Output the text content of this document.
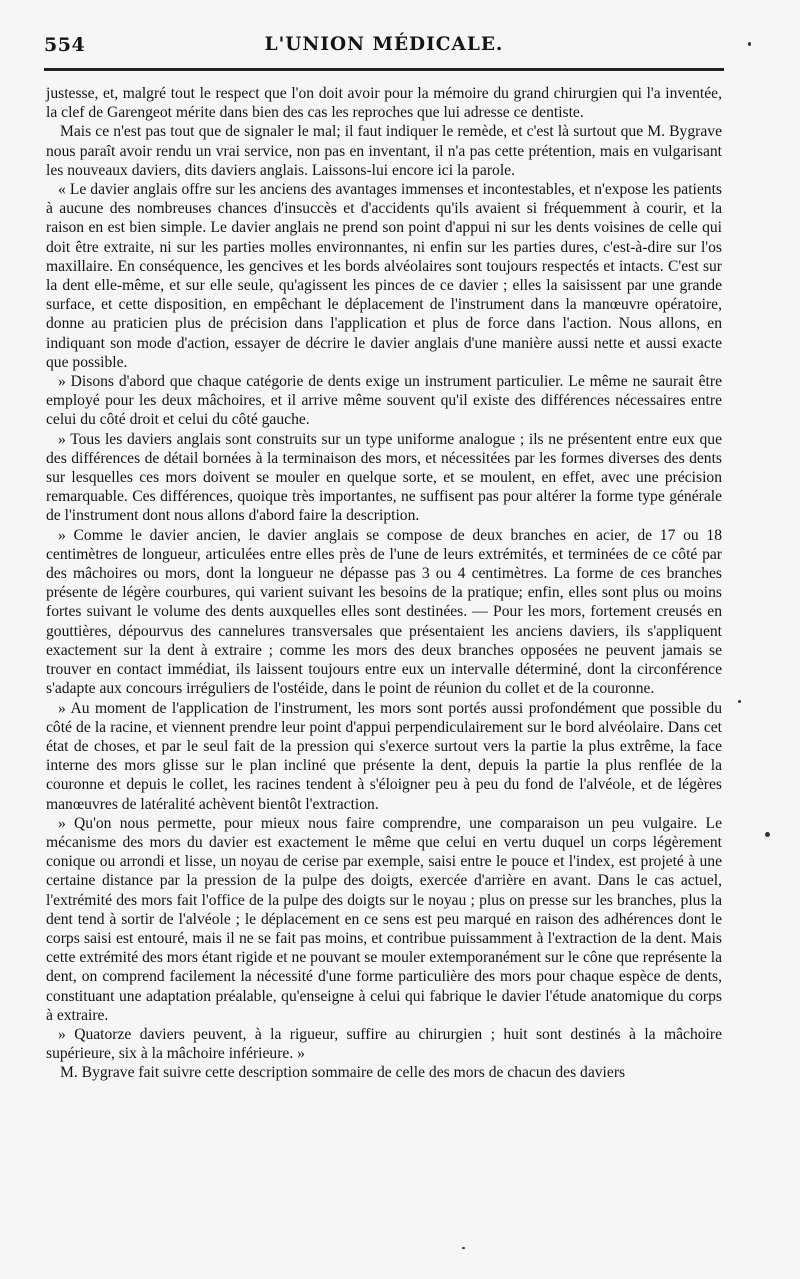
554	L'UNION MÉDICALE.

justesse, et, malgré tout le respect que l'on doit avoir pour la mémoire du grand chirurgien qui l'a inventée, la clef de Garengeot mérite dans bien des cas les reproches que lui adresse ce dentiste.

Mais ce n'est pas tout que de signaler le mal; il faut indiquer le remède, et c'est là surtout que M. Bygrave nous paraît avoir rendu un vrai service, non pas en inventant, il n'a pas cette prétention, mais en vulgarisant les nouveaux daviers, dits daviers anglais. Laissons-lui encore ici la parole.

« Le davier anglais offre sur les anciens des avantages immenses et incontestables, et n'expose les patients à aucune des nombreuses chances d'insuccès et d'accidents qu'ils avaient si fréquemment à courir, et la raison en est bien simple. Le davier anglais ne prend son point d'appui ni sur les dents voisines de celle qui doit être extraite, ni sur les parties molles environnantes, ni enfin sur les parties dures, c'est-à-dire sur l'os maxillaire. En conséquence, les gencives et les bords alvéolaires sont toujours respectés et intacts. C'est sur la dent elle-même, et sur elle seule, qu'agissent les pinces de ce davier ; elles la saisissent par une grande surface, et cette disposition, en empêchant le déplacement de l'instrument dans la manœuvre opératoire, donne au praticien plus de précision dans l'application et plus de force dans l'action. Nous allons, en indiquant son mode d'action, essayer de décrire le davier anglais d'une manière aussi nette et aussi exacte que possible.

» Disons d'abord que chaque catégorie de dents exige un instrument particulier. Le même ne saurait être employé pour les deux mâchoires, et il arrive même souvent qu'il existe des différences nécessaires entre celui du côté droit et celui du côté gauche.

» Tous les daviers anglais sont construits sur un type uniforme analogue ; ils ne présentent entre eux que des différences de détail bornées à la terminaison des mors, et nécessitées par les formes diverses des dents sur lesquelles ces mors doivent se mouler en quelque sorte, et se moulent, en effet, avec une précision remarquable. Ces différences, quoique très importantes, ne suffisent pas pour altérer la forme type générale de l'instrument dont nous allons d'abord faire la description.

» Comme le davier ancien, le davier anglais se compose de deux branches en acier, de 17 ou 18 centimètres de longueur, articulées entre elles près de l'une de leurs extrémités, et terminées de ce côté par des mâchoires ou mors, dont la longueur ne dépasse pas 3 ou 4 centimètres. La forme de ces branches présente de légère courbures, qui varient suivant les besoins de la pratique; enfin, elles sont plus ou moins fortes suivant le volume des dents auxquelles elles sont destinées. — Pour les mors, fortement creusés en gouttières, dépourvus des cannelures transversales que présentaient les anciens daviers, ils s'appliquent exactement sur la dent à extraire ; comme les mors des deux branches opposées ne peuvent jamais se trouver en contact immédiat, ils laissent toujours entre eux un intervalle déterminé, dont la circonférence s'adapte aux concours irréguliers de l'ostéide, dans le point de réunion du collet et de la couronne.

» Au moment de l'application de l'instrument, les mors sont portés aussi profondément que possible du côté de la racine, et viennent prendre leur point d'appui perpendiculairement sur le bord alvéolaire. Dans cet état de choses, et par le seul fait de la pression qui s'exerce surtout vers la partie la plus extrême, la face interne des mors glisse sur le plan incliné que présente la dent, depuis la partie la plus renflée de la couronne et depuis le collet, les racines tendent à s'éloigner peu à peu du fond de l'alvéole, et de légères manœuvres de latéralité achèvent bientôt l'extraction.

» Qu'on nous permette, pour mieux nous faire comprendre, une comparaison un peu vulgaire. Le mécanisme des mors du davier est exactement le même que celui en vertu duquel un corps légèrement conique ou arrondi et lisse, un noyau de cerise par exemple, saisi entre le pouce et l'index, est projeté à une certaine distance par la pression de la pulpe des doigts, exercée d'arrière en avant. Dans le cas actuel, l'extrémité des mors fait l'office de la pulpe des doigts sur le noyau ; plus on presse sur les branches, plus la dent tend à sortir de l'alvéole ; le déplacement en ce sens est peu marqué en raison des adhérences dont le corps saisi est entouré, mais il ne se fait pas moins, et contribue puissamment à l'extraction de la dent. Mais cette extrémité des mors étant rigide et ne pouvant se mouler extemporanément sur le cône que représente la dent, on comprend facilement la nécessité d'une forme particulière des mors pour chaque espèce de dents, constituant une adaptation préalable, qu'enseigne à celui qui fabrique le davier l'étude anatomique du corps à extraire.

» Quatorze daviers peuvent, à la rigueur, suffire au chirurgien ; huit sont destinés à la mâchoire supérieure, six à la mâchoire inférieure. »

M. Bygrave fait suivre cette description sommaire de celle des mors de chacun des daviers
